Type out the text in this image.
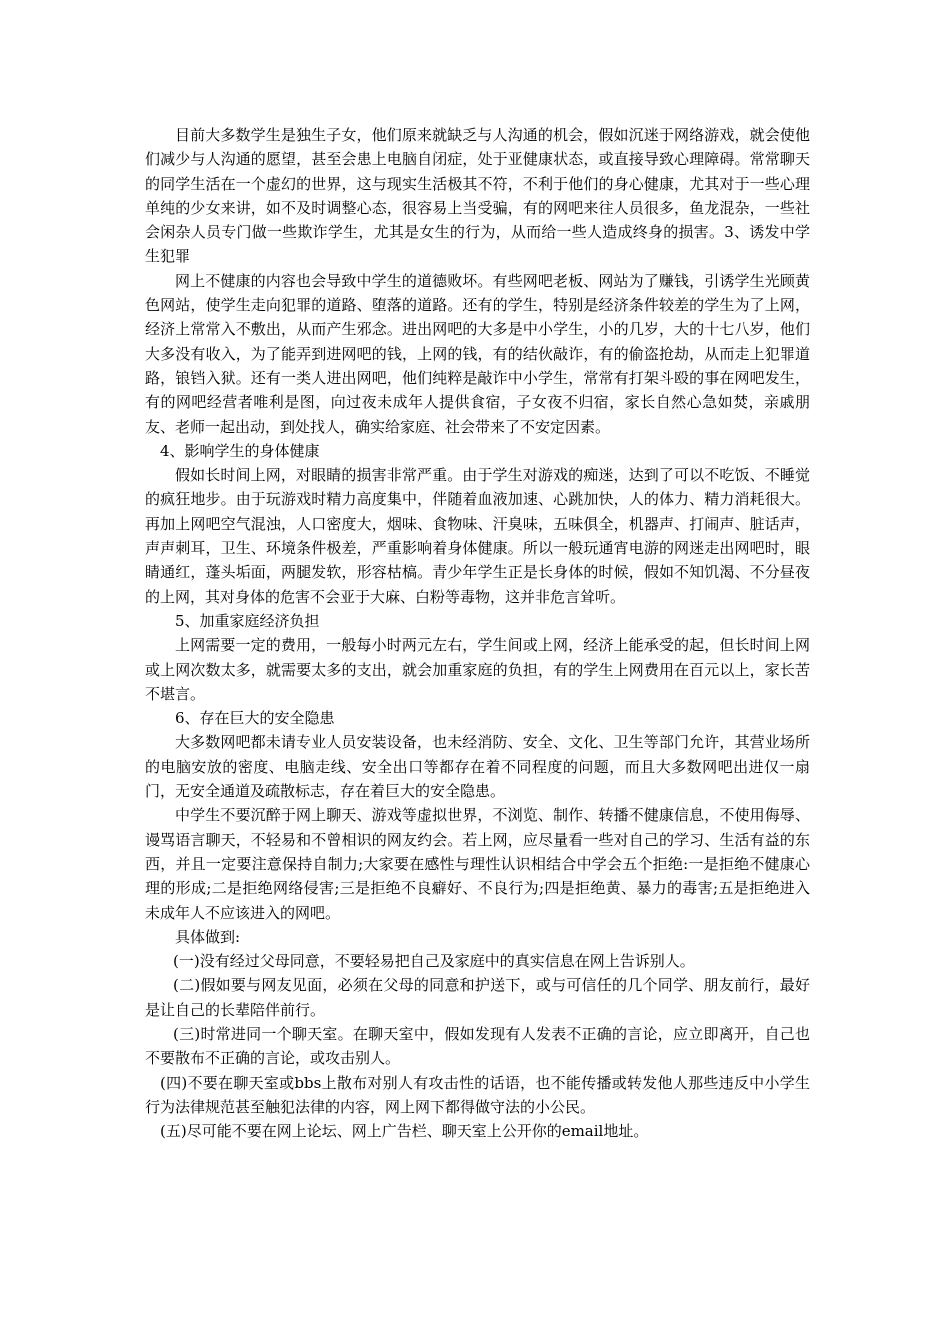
目前大多数学生是独生子女，他们原来就缺乏与人沟通的机会，假如沉迷于网络游戏，就会使他们减少与人沟通的愿望，甚至会患上电脑自闭症，处于亚健康状态，或直接导致心理障碍。常常聊天的同学生活在一个虚幻的世界，这与现实生活极其不符，不利于他们的身心健康，尤其对于一些心理单纯的少女来讲，如不及时调整心态，很容易上当受骗，有的网吧来往人员很多，鱼龙混杂，一些社会闲杂人员专门做一些欺诈学生，尤其是女生的行为，从而给一些人造成终身的损害。3、诱发中学生犯罪

网上不健康的内容也会导致中学生的道德败坏。有些网吧老板、网站为了赚钱，引诱学生光顾黄色网站，使学生走向犯罪的道路、堕落的道路。还有的学生，特别是经济条件较差的学生为了上网，经济上常常入不敷出，从而产生邪念。进出网吧的大多是中小学生，小的几岁，大的十七八岁，他们大多没有收入，为了能弄到进网吧的钱，上网的钱，有的结伙敲诈，有的偷盗抢劫，从而走上犯罪道路，锒铛入狱。还有一类人进出网吧，他们纯粹是敲诈中小学生，常常有打架斗殴的事在网吧发生，有的网吧经营者唯利是图，向过夜未成年人提供食宿，子女夜不归宿，家长自然心急如焚，亲戚朋友、老师一起出动，到处找人，确实给家庭、社会带来了不安定因素。

4、影响学生的身体健康

假如长时间上网，对眼睛的损害非常严重。由于学生对游戏的痴迷，达到了可以不吃饭、不睡觉的疯狂地步。由于玩游戏时精力高度集中，伴随着血液加速、心跳加快，人的体力、精力消耗很大。再加上网吧空气混浊，人口密度大，烟味、食物味、汗臭味，五味俱全，机器声、打闹声、脏话声，声声刺耳，卫生、环境条件极差，严重影响着身体健康。所以一般玩通宵电游的网迷走出网吧时，眼睛通红，蓬头垢面，两腿发软，形容枯槁。青少年学生正是长身体的时候，假如不知饥渴、不分昼夜的上网，其对身体的危害不会亚于大麻、白粉等毒物，这并非危言耸听。

5、加重家庭经济负担

上网需要一定的费用，一般每小时两元左右，学生间或上网，经济上能承受的起，但长时间上网或上网次数太多，就需要太多的支出，就会加重家庭的负担，有的学生上网费用在百元以上，家长苦不堪言。

6、存在巨大的安全隐患

大多数网吧都未请专业人员安装设备，也未经消防、安全、文化、卫生等部门允许，其营业场所的电脑安放的密度、电脑走线、安全出口等都存在着不同程度的问题，而且大多数网吧出进仅一扇门，无安全通道及疏散标志，存在着巨大的安全隐患。

中学生不要沉醉于网上聊天、游戏等虚拟世界，不浏览、制作、转播不健康信息，不使用侮辱、谩骂语言聊天，不轻易和不曾相识的网友约会。若上网，应尽量看一些对自己的学习、生活有益的东西，并且一定要注意保持自制力;大家要在感性与理性认识相结合中学会五个拒绝:一是拒绝不健康心理的形成;二是拒绝网络侵害;三是拒绝不良癖好、不良行为;四是拒绝黄、暴力的毒害;五是拒绝进入未成年人不应该进入的网吧。

具体做到:

(一)没有经过父母同意，不要轻易把自己及家庭中的真实信息在网上告诉别人。

(二)假如要与网友见面，必须在父母的同意和护送下，或与可信任的几个同学、朋友前行，最好是让自己的长辈陪伴前行。

(三)时常进同一个聊天室。在聊天室中，假如发现有人发表不正确的言论，应立即离开，自己也不要散布不正确的言论，或攻击别人。

(四)不要在聊天室或bbs上散布对别人有攻击性的话语，也不能传播或转发他人那些违反中小学生行为法律规范甚至触犯法律的内容，网上网下都得做守法的小公民。

(五)尽可能不要在网上论坛、网上广告栏、聊天室上公开你的email地址。
